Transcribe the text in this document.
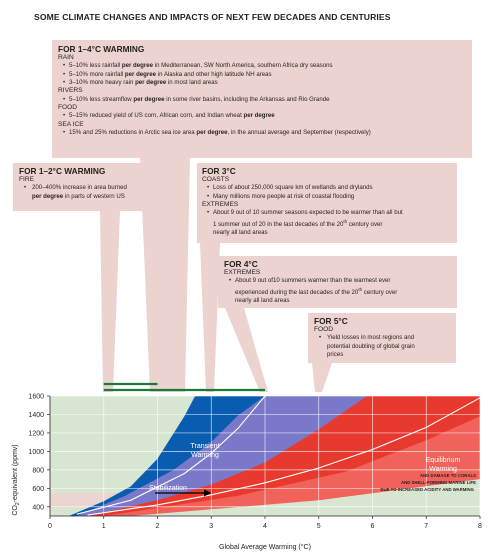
SOME CLIMATE CHANGES AND IMPACTS OF NEXT FEW DECADES AND CENTURIES
FOR 1–4°C WARMING
RAIN
• 5–10% less rainfall per degree in Mediterranean, SW North America, southern Africa dry seasons
• 5–10% more rainfall per degree in Alaska and other high latitude NH areas
• 3–10% more heavy rain per degree in most land areas
RIVERS
• 5–10% less streamflow per degree in some river basins, including the Arkansas and Rio Grande
FOOD
• 5–15% reduced yield of US corn, African corn, and Indian wheat per degree
SEA ICE
• 15% and 25% reductions in Arctic sea ice area per degree, in the annual average and September (respectively)
FOR 1–2°C WARMING
FIRE
• 200–400% increase in area burned
per degree in parts of western US
FOR 3°C
COASTS
• Loss of about 250,000 square km of wetlands and drylands
• Many millions more people at risk of coastal flooding
EXTREMES
• About 9 out of 10 summer seasons expected to be warmer than all but
1 summer out of 20 in the last decades of the 20th century over
nearly all land areas
FOR 4°C
EXTREMES
• About 9 out of10 summers warmer than the warmest ever
experienced during the last decades of the 20th century over
nearly all land areas
FOR 5°C
FOOD
• Yield losses in most regions and
potential doubling of global grain
prices
Transient
Warming
Equilibrium
Warming
Stabilization
AND DAMAGE TO CORALS
AND SHELL-FORMING MARINE LIFE
DUE TO INCREASED ACIDITY AND WARMING
0	1	2	3	4	5	6	7	8
400
600
800
1000
1200
1400
1600
Global Average Warming (°C)
$CO_2$-equivalent (ppmv)
